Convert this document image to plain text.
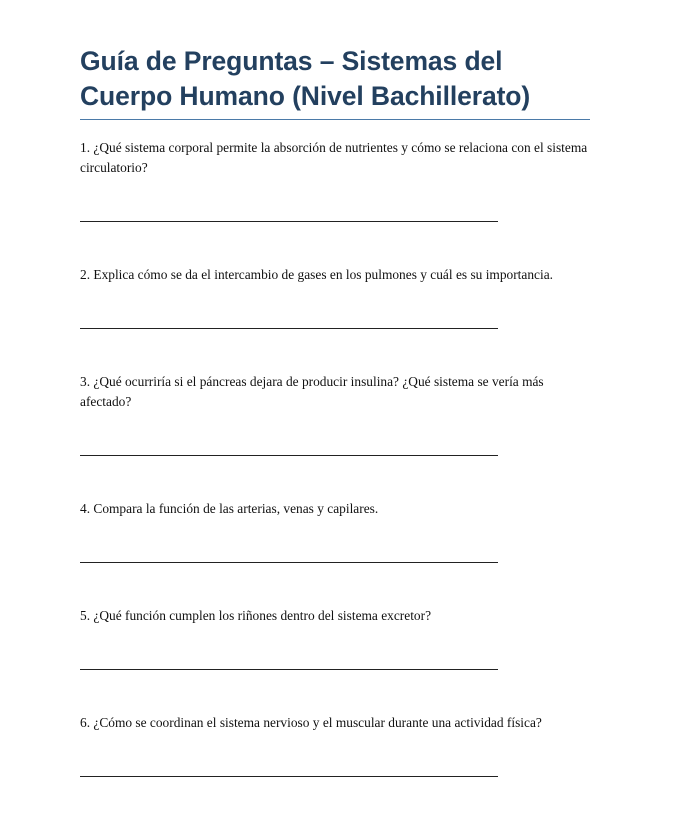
Guía de Preguntas – Sistemas del
Cuerpo Humano (Nivel Bachillerato)

1. ¿Qué sistema corporal permite la absorción de nutrientes y cómo se relaciona con el sistema circulatorio?

2. Explica cómo se da el intercambio de gases en los pulmones y cuál es su importancia.

3. ¿Qué ocurriría si el páncreas dejara de producir insulina? ¿Qué sistema se vería más afectado?

4. Compara la función de las arterias, venas y capilares.

5. ¿Qué función cumplen los riñones dentro del sistema excretor?

6. ¿Cómo se coordinan el sistema nervioso y el muscular durante una actividad física?
